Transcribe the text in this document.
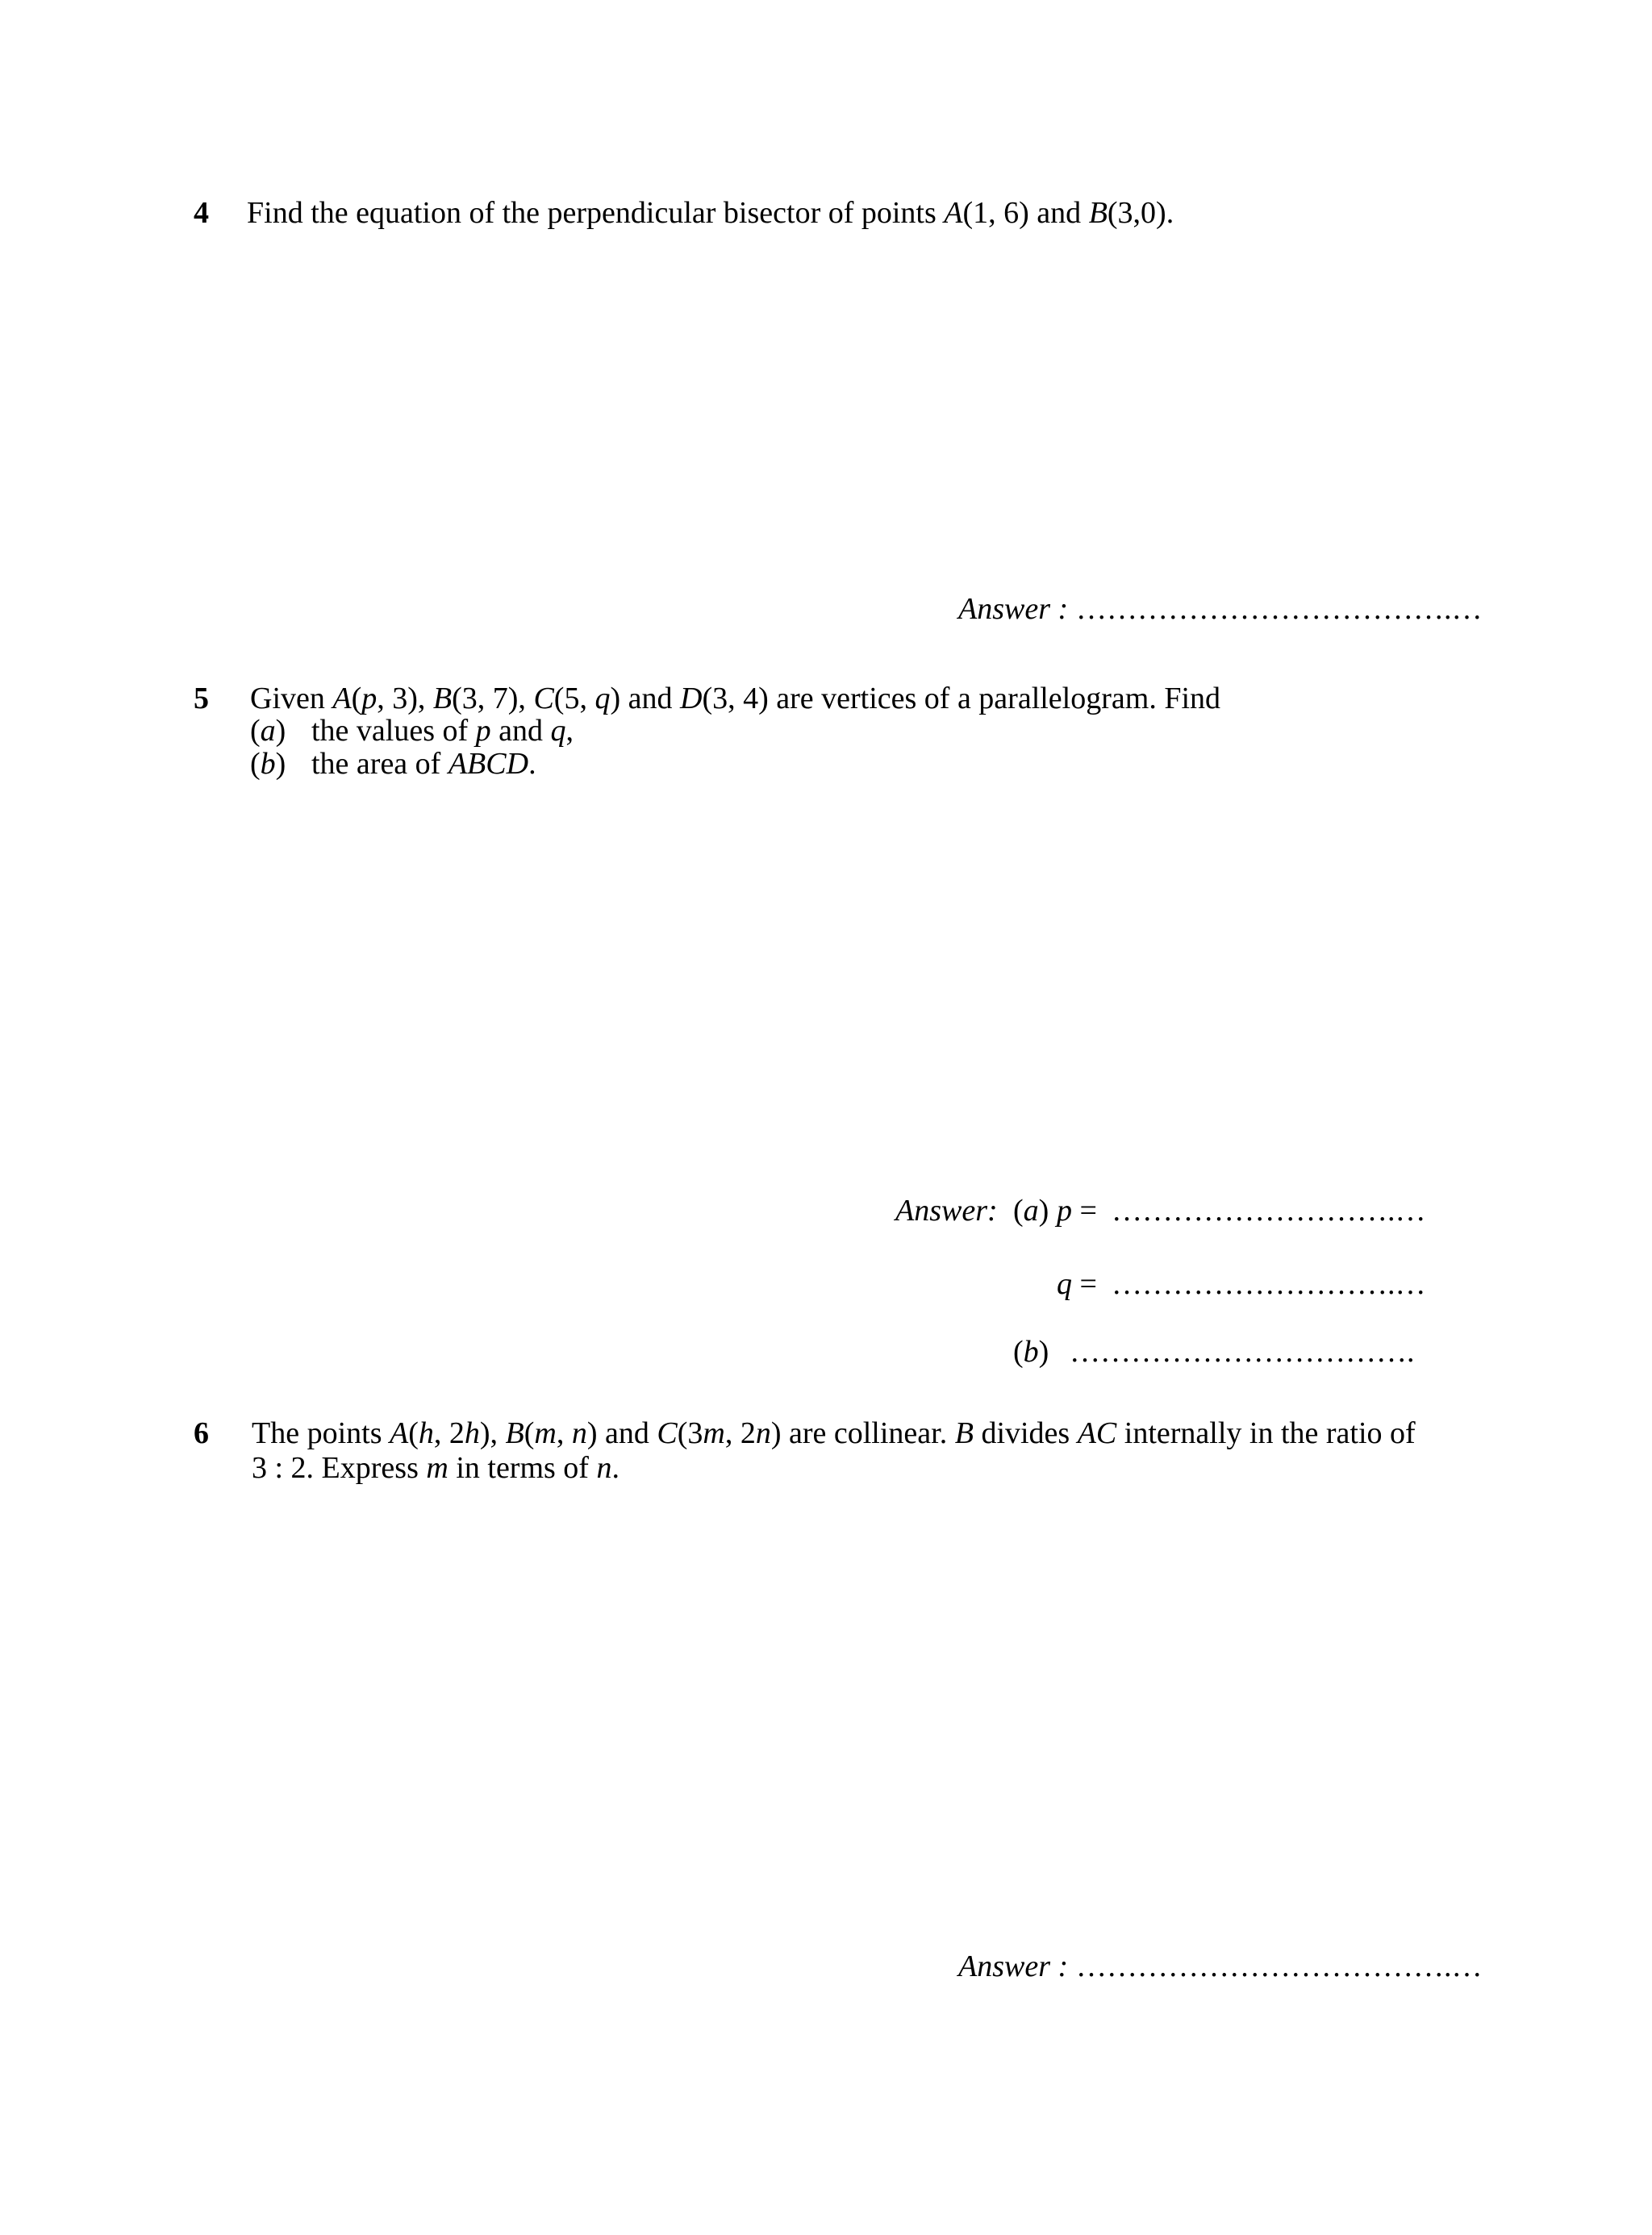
4 Find the equation of the perpendicular bisector of points A(1, 6) and B(3,0).
Answer : ……………………………….…
5 Given A(p, 3), B(3, 7), C(5, q) and D(3, 4) are vertices of a parallelogram. Find
(a) the values of p and q,
(b) the area of ABCD.
Answer: (a) p = ……………………….…
q = ……………………….…
(b) …………………………….
6 The points A(h, 2h), B(m, n) and C(3m, 2n) are collinear. B divides AC internally in the ratio of
3 : 2. Express m in terms of n.
Answer : ……………………………….…
